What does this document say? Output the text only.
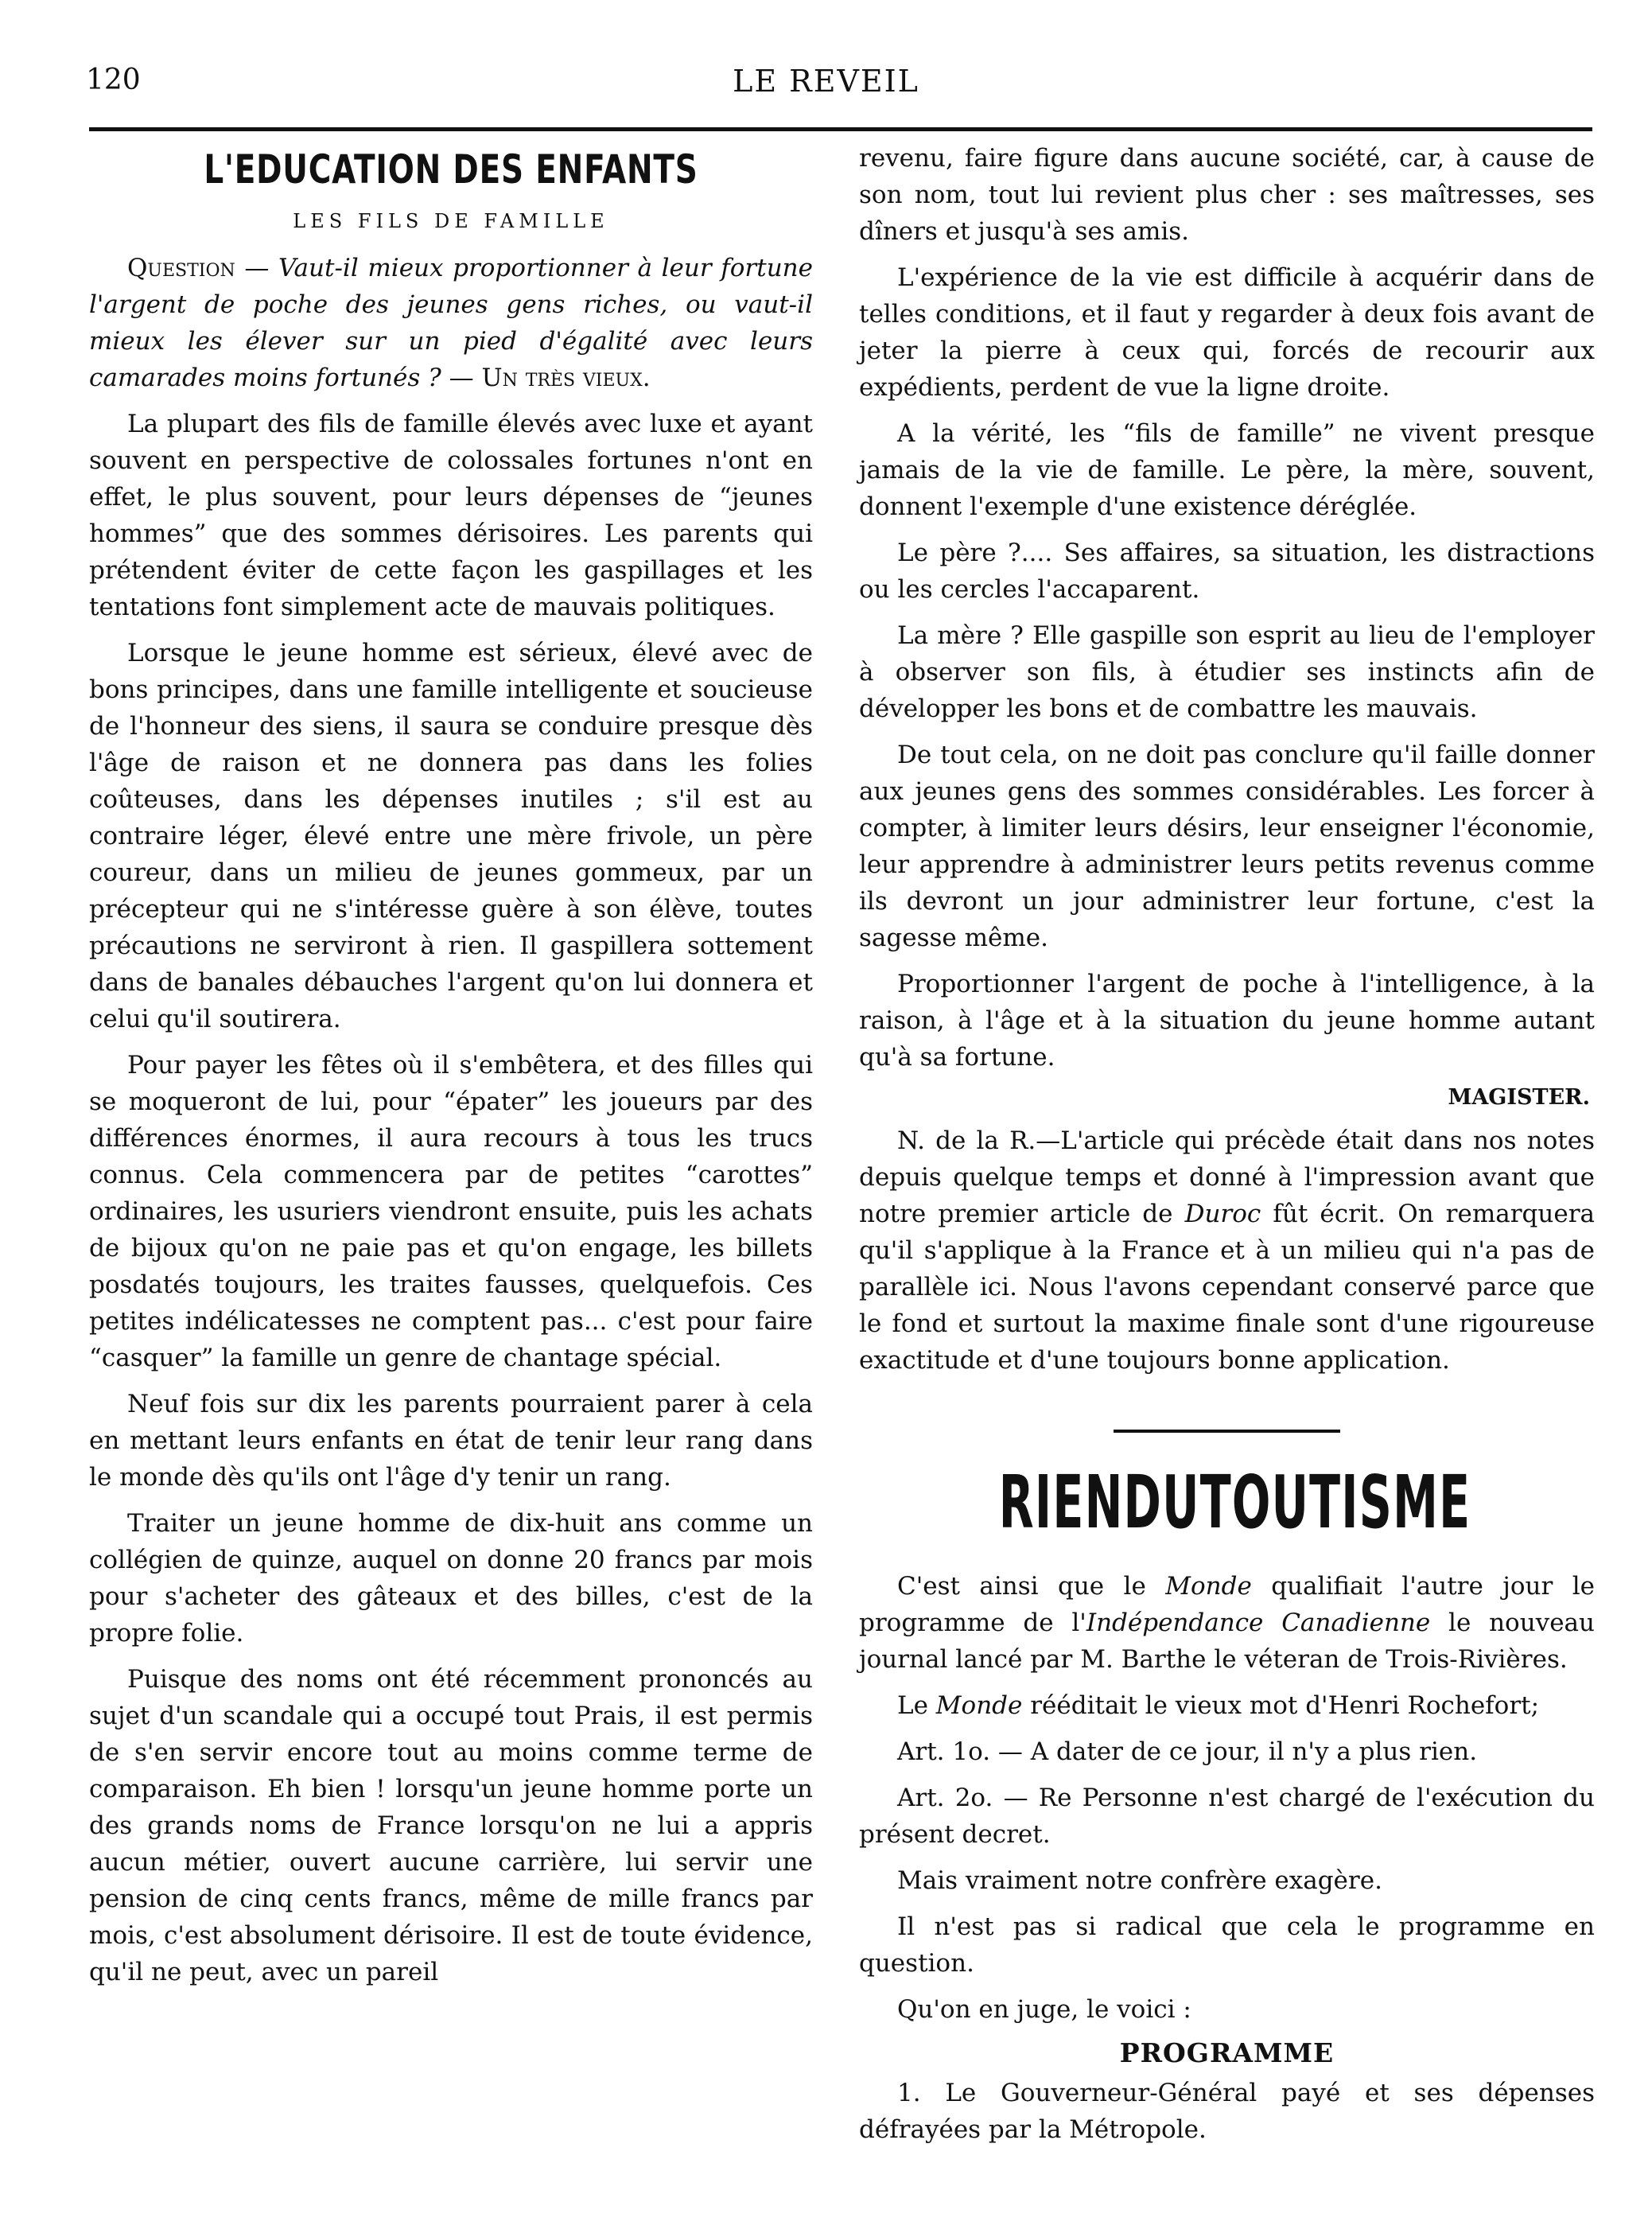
120	LE REVEIL
L'EDUCATION DES ENFANTS
LES FILS DE FAMILLE

Question — Vaut-il mieux proportionner à leur fortune l'argent de poche des jeunes gens riches, ou vaut-il mieux les élever sur un pied d'égalité avec leurs camarades moins fortunés ? — Un très vieux.

La plupart des fils de famille élevés avec luxe et ayant souvent en perspective de colossales fortunes n'ont en effet, le plus souvent, pour leurs dépenses de “jeunes hommes” que des sommes dérisoires. Les parents qui prétendent éviter de cette façon les gaspillages et les tentations font simplement acte de mauvais politiques.

Lorsque le jeune homme est sérieux, élevé avec de bons principes, dans une famille intelligente et soucieuse de l'honneur des siens, il saura se conduire presque dès l'âge de raison et ne donnera pas dans les folies coûteuses, dans les dépenses inutiles ; s'il est au contraire léger, élevé entre une mère frivole, un père coureur, dans un milieu de jeunes gommeux, par un précepteur qui ne s'intéresse guère à son élève, toutes précautions ne serviront à rien. Il gaspillera sottement dans de banales débauches l'argent qu'on lui donnera et celui qu'il soutirera.

Pour payer les fêtes où il s'embêtera, et des filles qui se moqueront de lui, pour “épater” les joueurs par des différences énormes, il aura recours à tous les trucs connus. Cela commencera par de petites “carottes” ordinaires, les usuriers viendront ensuite, puis les achats de bijoux qu'on ne paie pas et qu'on engage, les billets posdatés toujours, les traites fausses, quelquefois. Ces petites indélicatesses ne comptent pas... c'est pour faire “casquer” la famille un genre de chantage spécial.

Neuf fois sur dix les parents pourraient parer à cela en mettant leurs enfants en état de tenir leur rang dans le monde dès qu'ils ont l'âge d'y tenir un rang.

Traiter un jeune homme de dix-huit ans comme un collégien de quinze, auquel on donne 20 francs par mois pour s'acheter des gâteaux et des billes, c'est de la propre folie.

Puisque des noms ont été récemment prononcés au sujet d'un scandale qui a occupé tout Prais, il est permis de s'en servir encore tout au moins comme terme de comparaison. Eh bien ! lorsqu'un jeune homme porte un des grands noms de France lorsqu'on ne lui a appris aucun métier, ouvert aucune carrière, lui servir une pension de cinq cents francs, même de mille francs par mois, c'est absolument dérisoire. Il est de toute évidence, qu'il ne peut, avec un pareil

revenu, faire figure dans aucune société, car, à cause de son nom, tout lui revient plus cher : ses maîtresses, ses dîners et jusqu'à ses amis.

L'expérience de la vie est difficile à acquérir dans de telles conditions, et il faut y regarder à deux fois avant de jeter la pierre à ceux qui, forcés de recourir aux expédients, perdent de vue la ligne droite.

A la vérité, les “fils de famille” ne vivent presque jamais de la vie de famille. Le père, la mère, souvent, donnent l'exemple d'une existence déréglée.

Le père ?.... Ses affaires, sa situation, les distractions ou les cercles l'accaparent.

La mère ? Elle gaspille son esprit au lieu de l'employer à observer son fils, à étudier ses instincts afin de développer les bons et de combattre les mauvais.

De tout cela, on ne doit pas conclure qu'il faille donner aux jeunes gens des sommes considérables. Les forcer à compter, à limiter leurs désirs, leur enseigner l'économie, leur apprendre à administrer leurs petits revenus comme ils devront un jour administrer leur fortune, c'est la sagesse même.

Proportionner l'argent de poche à l'intelligence, à la raison, à l'âge et à la situation du jeune homme autant qu'à sa fortune.

MAGISTER.

N. de la R.—L'article qui précède était dans nos notes depuis quelque temps et donné à l'impression avant que notre premier article de Duroc fût écrit. On remarquera qu'il s'applique à la France et à un milieu qui n'a pas de parallèle ici. Nous l'avons cependant conservé parce que le fond et surtout la maxime finale sont d'une rigoureuse exactitude et d'une toujours bonne application.

RIENDUTOUTISME

C'est ainsi que le Monde qualifiait l'autre jour le programme de l'Indépendance Canadienne le nouveau journal lancé par M. Barthe le véteran de Trois-Rivières.

Le Monde rééditait le vieux mot d'Henri Rochefort;

Art. 1o. — A dater de ce jour, il n'y a plus rien.

Art. 2o. — Re Personne n'est chargé de l'exécution du présent decret.

Mais vraiment notre confrère exagère.

Il n'est pas si radical que cela le programme en question.

Qu'on en juge, le voici :

PROGRAMME

1. Le Gouverneur-Général payé et ses dépenses défrayées par la Métropole.
